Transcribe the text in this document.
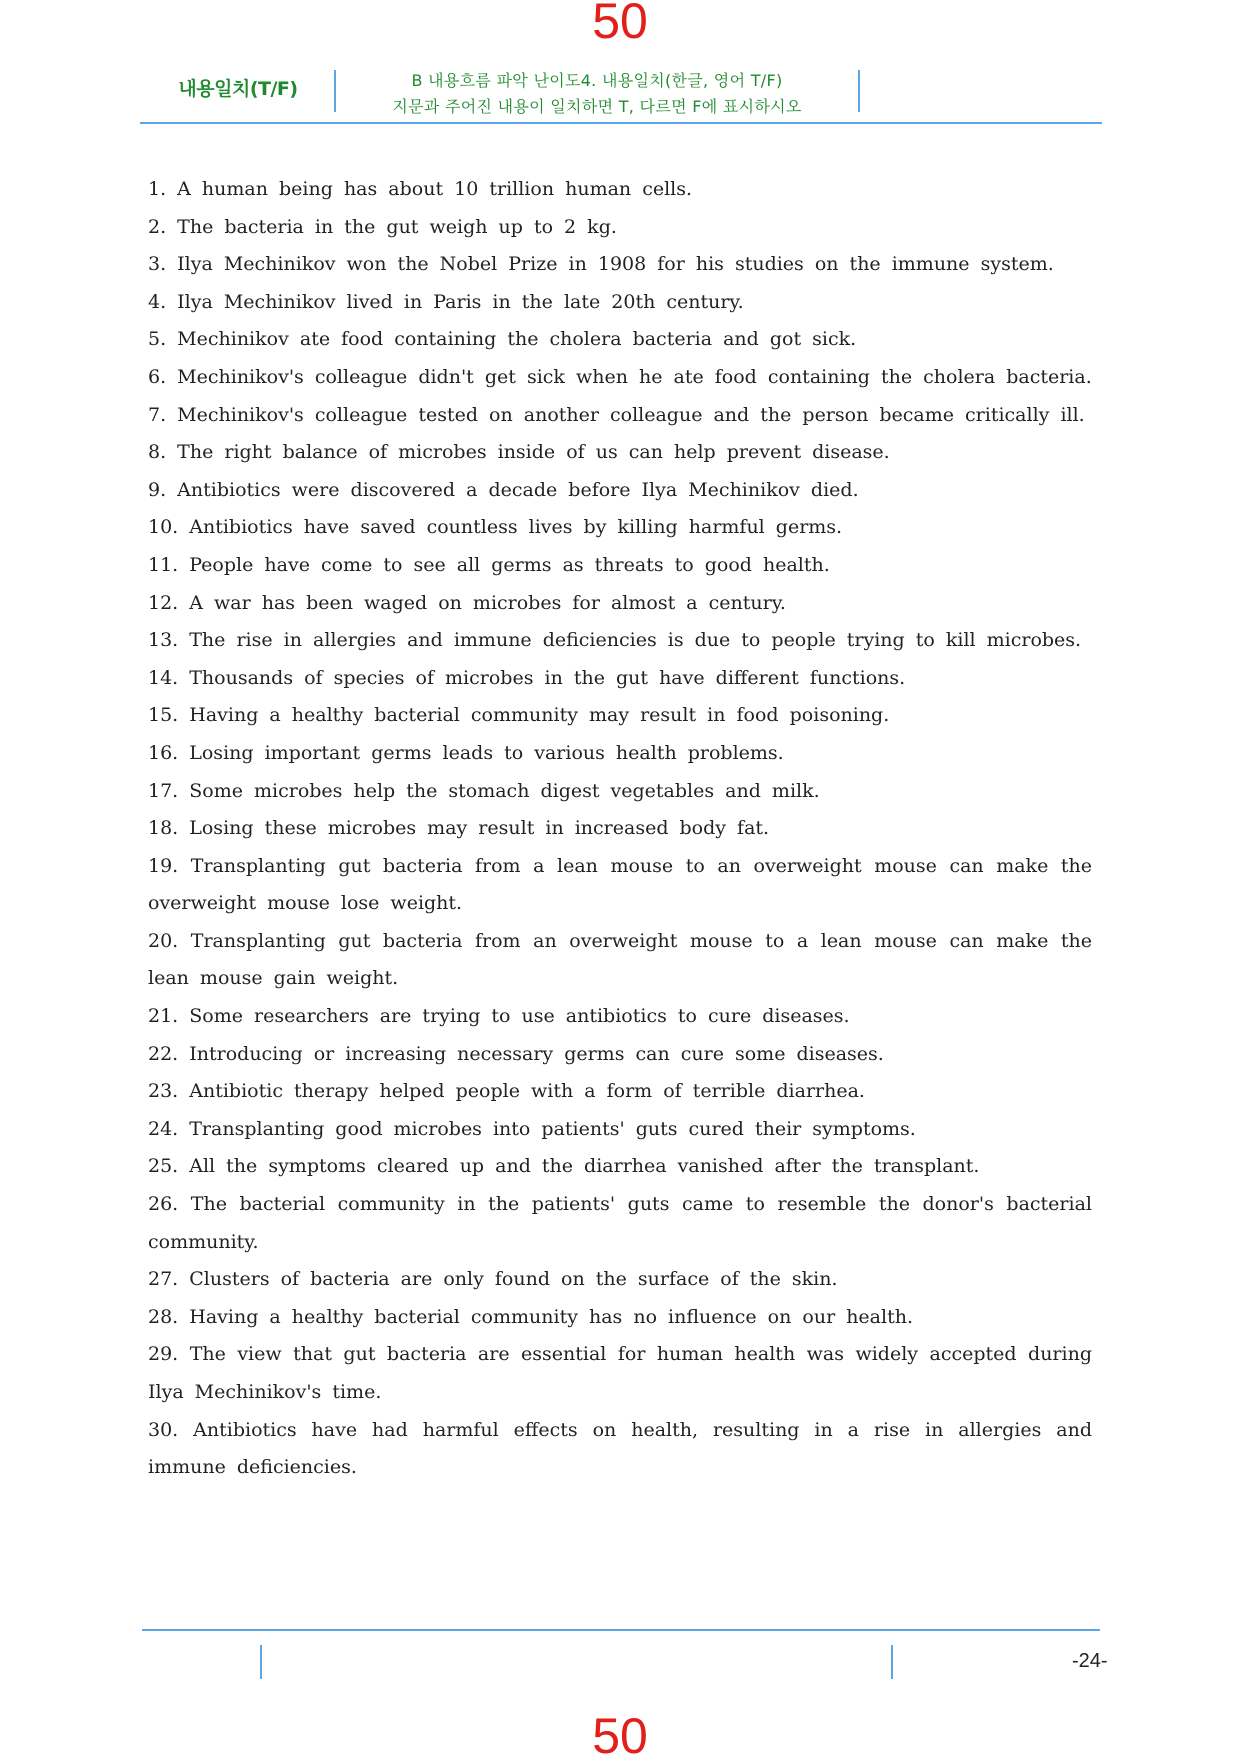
50
내용일치(T/F)	B 내용흐름 파악 난이도4. 내용일치(한글, 영어 T/F)
지문과 주어진 내용이 일치하면 T, 다르면 F에 표시하시오
1. A human being has about 10 trillion human cells.
2. The bacteria in the gut weigh up to 2 kg.
3. Ilya Mechinikov won the Nobel Prize in 1908 for his studies on the immune system.
4. Ilya Mechinikov lived in Paris in the late 20th century.
5. Mechinikov ate food containing the cholera bacteria and got sick.
6. Mechinikov's colleague didn't get sick when he ate food containing the cholera bacteria.
7. Mechinikov's colleague tested on another colleague and the person became critically ill.
8. The right balance of microbes inside of us can help prevent disease.
9. Antibiotics were discovered a decade before Ilya Mechinikov died.
10. Antibiotics have saved countless lives by killing harmful germs.
11. People have come to see all germs as threats to good health.
12. A war has been waged on microbes for almost a century.
13. The rise in allergies and immune deficiencies is due to people trying to kill microbes.
14. Thousands of species of microbes in the gut have different functions.
15. Having a healthy bacterial community may result in food poisoning.
16. Losing important germs leads to various health problems.
17. Some microbes help the stomach digest vegetables and milk.
18. Losing these microbes may result in increased body fat.
19. Transplanting gut bacteria from a lean mouse to an overweight mouse can make the overweight mouse lose weight.
20. Transplanting gut bacteria from an overweight mouse to a lean mouse can make the lean mouse gain weight.
21. Some researchers are trying to use antibiotics to cure diseases.
22. Introducing or increasing necessary germs can cure some diseases.
23. Antibiotic therapy helped people with a form of terrible diarrhea.
24. Transplanting good microbes into patients' guts cured their symptoms.
25. All the symptoms cleared up and the diarrhea vanished after the transplant.
26. The bacterial community in the patients' guts came to resemble the donor's bacterial community.
27. Clusters of bacteria are only found on the surface of the skin.
28. Having a healthy bacterial community has no influence on our health.
29. The view that gut bacteria are essential for human health was widely accepted during Ilya Mechinikov's time.
30. Antibiotics have had harmful effects on health, resulting in a rise in allergies and immune deficiencies.
-24-
50
